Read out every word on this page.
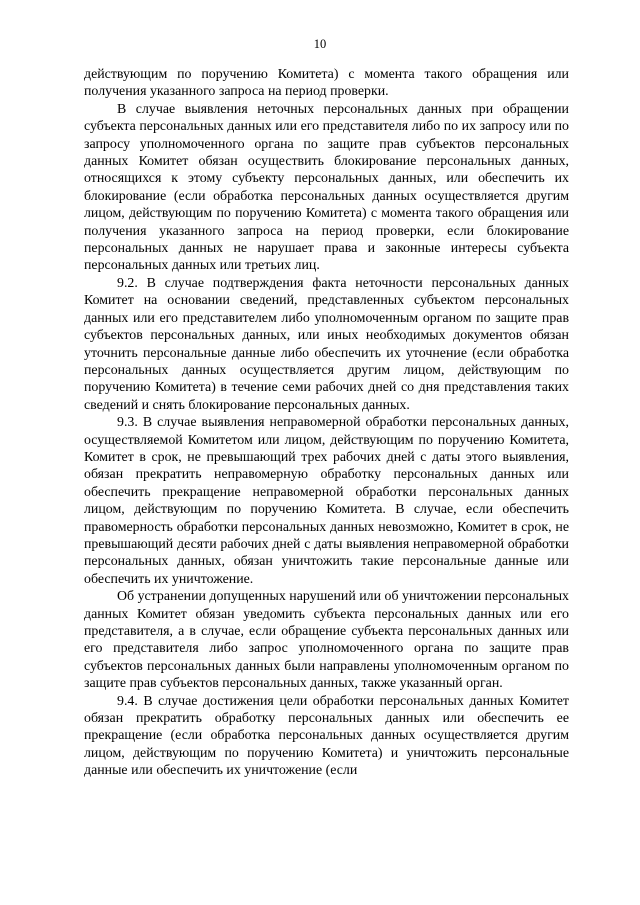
10

действующим по поручению Комитета) с момента такого обращения или получения указанного запроса на период проверки.

В случае выявления неточных персональных данных при обращении субъекта персональных данных или его представителя либо по их запросу или по запросу уполномоченного органа по защите прав субъектов персональных данных Комитет обязан осуществить блокирование персональных данных, относящихся к этому субъекту персональных данных, или обеспечить их блокирование (если обработка персональных данных осуществляется другим лицом, действующим по поручению Комитета) с момента такого обращения или получения указанного запроса на период проверки, если блокирование персональных данных не нарушает права и законные интересы субъекта персональных данных или третьих лиц.

9.2. В случае подтверждения факта неточности персональных данных Комитет на основании сведений, представленных субъектом персональных данных или его представителем либо уполномоченным органом по защите прав субъектов персональных данных, или иных необходимых документов обязан уточнить персональные данные либо обеспечить их уточнение (если обработка персональных данных осуществляется другим лицом, действующим по поручению Комитета) в течение семи рабочих дней со дня представления таких сведений и снять блокирование персональных данных.

9.3. В случае выявления неправомерной обработки персональных данных, осуществляемой Комитетом или лицом, действующим по поручению Комитета, Комитет в срок, не превышающий трех рабочих дней с даты этого выявления, обязан прекратить неправомерную обработку персональных данных или обеспечить прекращение неправомерной обработки персональных данных лицом, действующим по поручению Комитета. В случае, если обеспечить правомерность обработки персональных данных невозможно, Комитет в срок, не превышающий десяти рабочих дней с даты выявления неправомерной обработки персональных данных, обязан уничтожить такие персональные данные или обеспечить их уничтожение.

Об устранении допущенных нарушений или об уничтожении персональных данных Комитет обязан уведомить субъекта персональных данных или его представителя, а в случае, если обращение субъекта персональных данных или его представителя либо запрос уполномоченного органа по защите прав субъектов персональных данных были направлены уполномоченным органом по защите прав субъектов персональных данных, также указанный орган.

9.4. В случае достижения цели обработки персональных данных Комитет обязан прекратить обработку персональных данных или обеспечить ее прекращение (если обработка персональных данных осуществляется другим лицом, действующим по поручению Комитета) и уничтожить персональные данные или обеспечить их уничтожение (если
